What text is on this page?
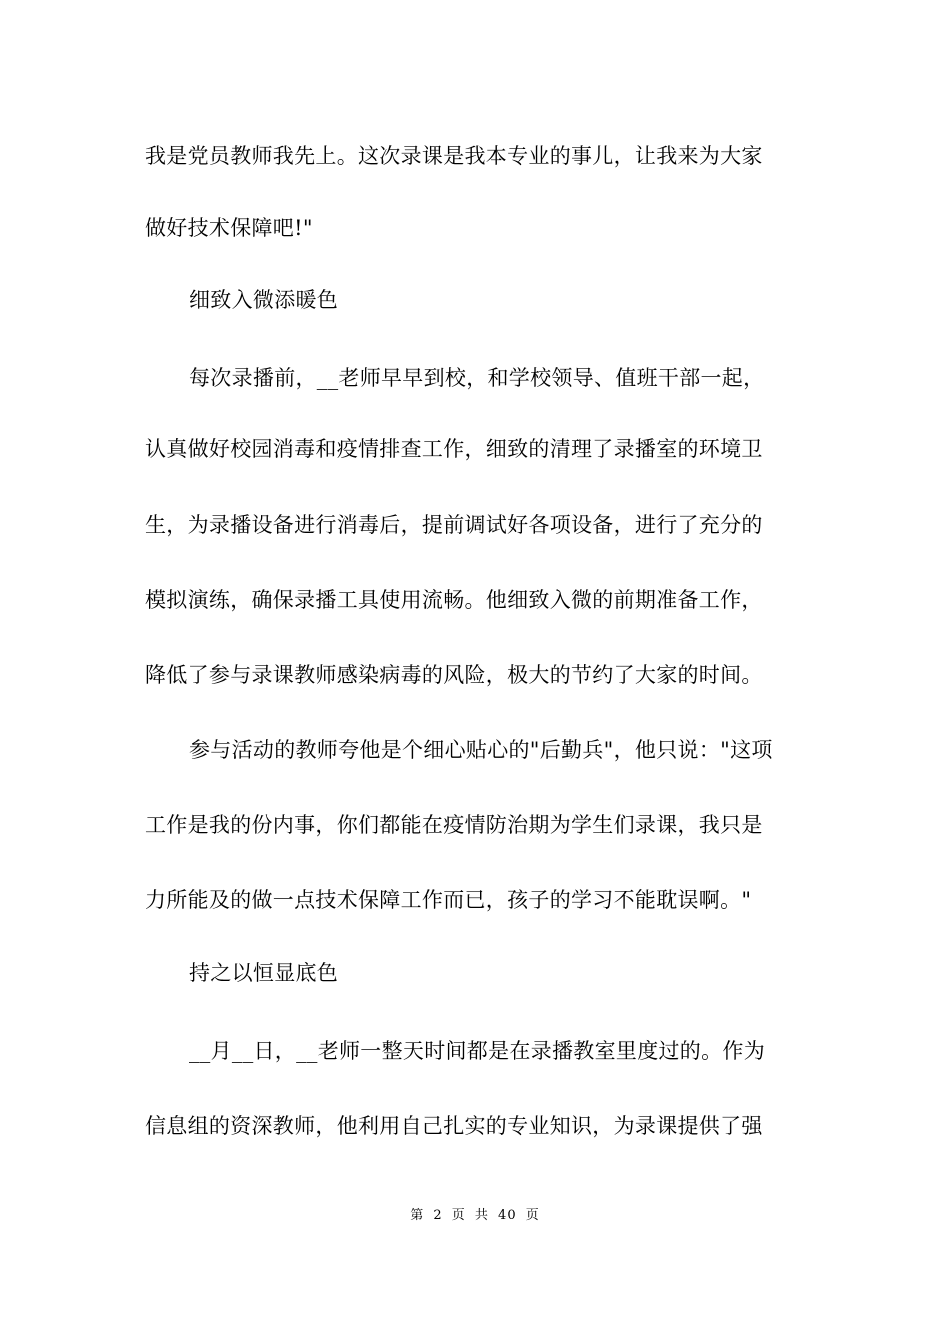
我是党员教师我先上。这次录课是我本专业的事儿，让我来为大家
做好技术保障吧!"
细致入微添暖色
每次录播前，__老师早早到校，和学校领导、值班干部一起，
认真做好校园消毒和疫情排查工作，细致的清理了录播室的环境卫
生，为录播设备进行消毒后，提前调试好各项设备，进行了充分的
模拟演练，确保录播工具使用流畅。他细致入微的前期准备工作，
降低了参与录课教师感染病毒的风险，极大的节约了大家的时间。
参与活动的教师夸他是个细心贴心的"后勤兵"，他只说："这项
工作是我的份内事，你们都能在疫情防治期为学生们录课，我只是
力所能及的做一点技术保障工作而已，孩子的学习不能耽误啊。"
持之以恒显底色
__月__日，__老师一整天时间都是在录播教室里度过的。作为
信息组的资深教师，他利用自己扎实的专业知识，为录课提供了强
第 2 页 共 40 页
